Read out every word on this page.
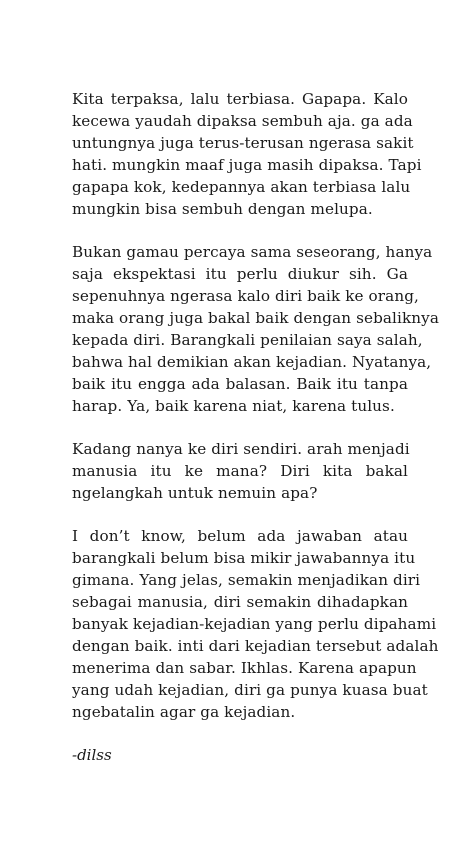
Kita terpaksa, lalu terbiasa. Gapapa. Kalo
kecewa yaudah dipaksa sembuh aja. ga ada
untungnya juga terus-terusan ngerasa sakit
hati. mungkin maaf juga masih dipaksa. Tapi
gapapa kok, kedepannya akan terbiasa lalu
mungkin bisa sembuh dengan melupa.

Bukan gamau percaya sama seseorang, hanya
saja ekspektasi itu perlu diukur sih. Ga
sepenuhnya ngerasa kalo diri baik ke orang,
maka orang juga bakal baik dengan sebaliknya
kepada diri. Barangkali penilaian saya salah,
bahwa hal demikian akan kejadian. Nyatanya,
baik itu engga ada balasan. Baik itu tanpa
harap. Ya, baik karena niat, karena tulus.

Kadang nanya ke diri sendiri. arah menjadi
manusia itu ke mana? Diri kita bakal
ngelangkah untuk nemuin apa?

I don’t know, belum ada jawaban atau
barangkali belum bisa mikir jawabannya itu
gimana. Yang jelas, semakin menjadikan diri
sebagai manusia, diri semakin dihadapkan
banyak kejadian-kejadian yang perlu dipahami
dengan baik. inti dari kejadian tersebut adalah
menerima dan sabar. Ikhlas. Karena apapun
yang udah kejadian, diri ga punya kuasa buat
ngebatalin agar ga kejadian.

-dilss
